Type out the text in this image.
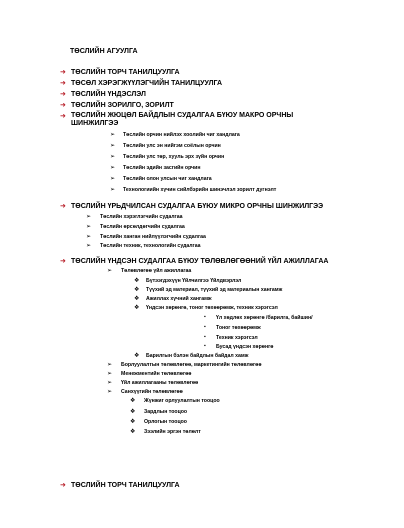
ТӨСЛИЙН АГУУЛГА
➜ ТӨСЛИЙН ТОРЧ ТАНИЛЦУУЛГА
➜ ТӨСӨЛ ХЭРЭГЖҮҮЛЭГЧИЙН ТАНИЛЦУУЛГА
➜ ТӨСЛИЙН ҮНДЭСЛЭЛ
➜ ТӨСЛИЙН ЗОРИЛГО, ЗОРИЛТ
➜ ТӨСЛИЙН ЖЮЦӨЛ БАЙДЛЫН СУДАЛГАА БҮЮУ МАКРО ОРЧНЫ ШИНЖИЛГЭЭ
➢ Төслийн орчин нийлэх хоолийн чиг хандлага
➢ Төслийн улс эн нийгэм соёлын орчин
➢ Төслийн улс төр, хууль эрх зүйн орчин
➢ Төслийн эдийн засгийн орчин
➢ Төслийн олон улсын чиг хандлага
➢ Технологиийн хүчин сийлбэрийн шинэчлэл зорилт дугнэлт
➜ ТӨСЛИЙН ҮРЬДЧИЛСАН СУДАЛГАА БҮЮУ МИКРО ОРЧНЫ ШИНЖИЛГЭЭ
➢ Төслийн хэрэглэгчийн судалгаа
➢ Төслийн өрсөлдөгчийн судалгаа
➢ Төслийн ханган нийлүүлэгчийн судалгаа
➢ Төслийн техник, технологийн судалгаа
➜ ТӨСЛИЙН ҮНДСЭН СУДАЛГАА БҮЮУ ТӨЛӨВЛӨГӨӨНИЙ ҮЙЛ АЖИЛЛАГАА
➢ Төлөвлөгөө үйл ажиллагаа
❖ Бүтээгдэхүүн Үйлчилгээ Үйлдвэрлэл
❖ Түүхий эд материал, түүхий эд материалын хангамж
❖ Ажиллах хүчний хангамж
❖ Үндсэн хөрөнгө, тоног төхөөрөмж, техник хэрэгсэл
▪ Үл хөдлөх хөрөнгө /барилга, байшин/
▪ Тоног төхөөрөмж
▪ Техник хэрэгсэл
▪ Бусад үндсэн хөрөнгө
❖ Барилгын бэлэн байдлын байдал хамж
➢ Борлуулалтын төлөвлөгөө, маркетингийн төлөвлөгөө
➢ Менежментийн төлөвлөгөө
➢ Үйл ажиллагааны төлөвлөгөө
➢ Санхүүгийн төлөвлөгөө
❖ Жүнжиг орлуулалтын тооцоо
❖ Зардлын тооцоо
❖ Орлогын тооцоо
❖ Зээлийн эргэн төлөлт
➜ ТӨСЛИЙН ТОРЧ ТАНИЛЦУУЛГА
